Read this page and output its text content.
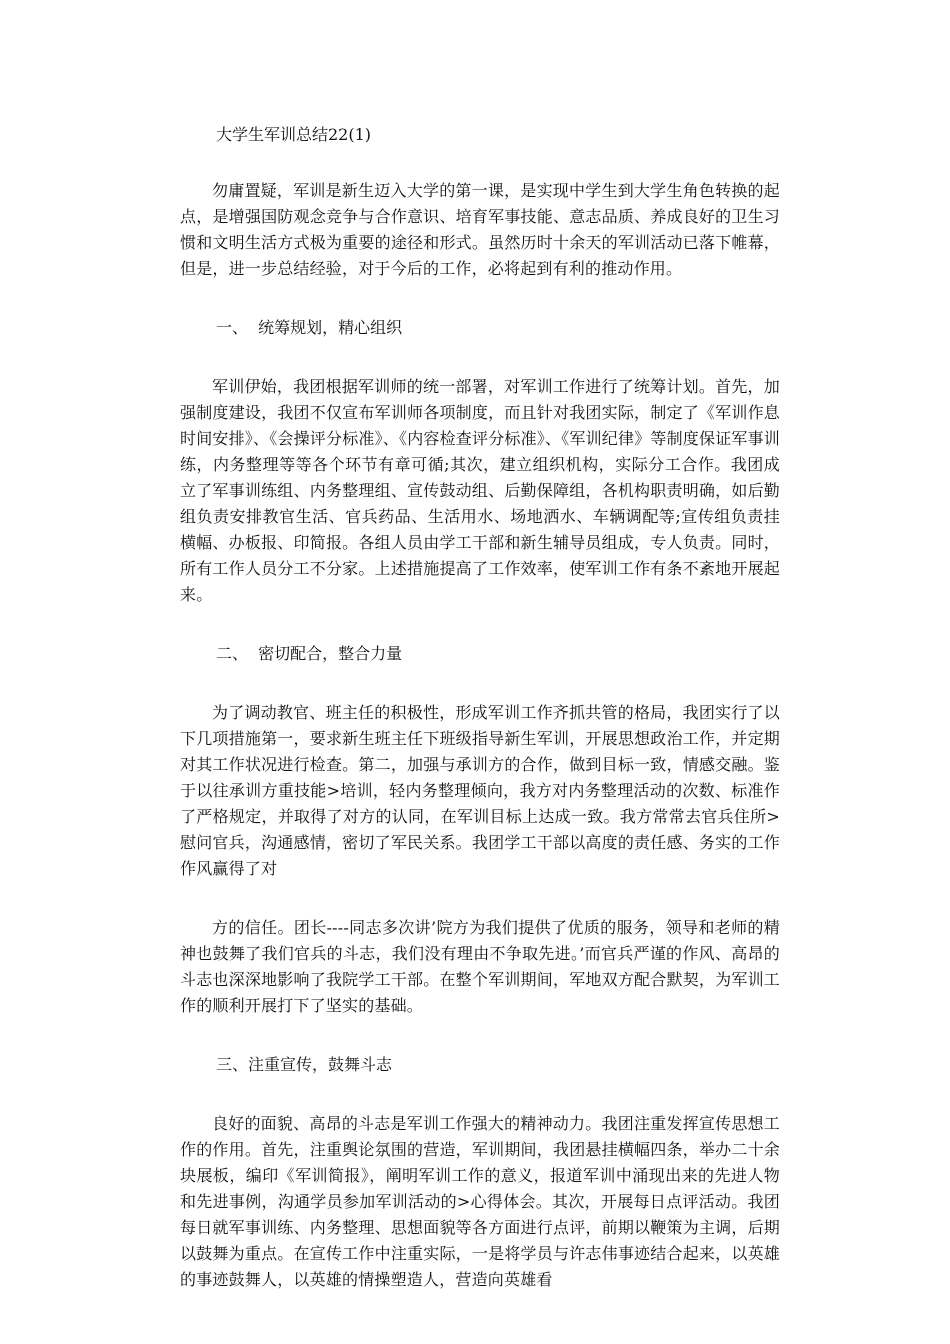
大学生军训总结22(1)

勿庸置疑，军训是新生迈入大学的第一课，是实现中学生到大学生角色转换的起点，是增强国防观念竞争与合作意识、培育军事技能、意志品质、养成良好的卫生习惯和文明生活方式极为重要的途径和形式。虽然历时十余天的军训活动已落下帷幕，但是，进一步总结经验，对于今后的工作，必将起到有利的推动作用。

一、  统筹规划，精心组织

军训伊始，我团根据军训师的统一部署，对军训工作进行了统筹计划。首先，加强制度建设，我团不仅宣布军训师各项制度，而且针对我团实际，制定了《军训作息时间安排》、《会操评分标准》、《内容检查评分标准》、《军训纪律》等制度保证军事训练，内务整理等等各个环节有章可循;其次，建立组织机构，实际分工合作。我团成立了军事训练组、内务整理组、宣传鼓动组、后勤保障组，各机构职责明确，如后勤组负责安排教官生活、官兵药品、生活用水、场地洒水、车辆调配等;宣传组负责挂横幅、办板报、印简报。各组人员由学工干部和新生辅导员组成，专人负责。同时，所有工作人员分工不分家。上述措施提高了工作效率，使军训工作有条不紊地开展起来。

二、  密切配合，整合力量

为了调动教官、班主任的积极性，形成军训工作齐抓共管的格局，我团实行了以下几项措施第一，要求新生班主任下班级指导新生军训，开展思想政治工作，并定期对其工作状况进行检查。第二，加强与承训方的合作，做到目标一致，情感交融。鉴于以往承训方重技能>培训，轻内务整理倾向，我方对内务整理活动的次数、标准作了严格规定，并取得了对方的认同，在军训目标上达成一致。我方常常去官兵住所>慰问官兵，沟通感情，密切了军民关系。我团学工干部以高度的责任感、务实的工作作风赢得了对

方的信任。团长----同志多次讲’院方为我们提供了优质的服务，领导和老师的精神也鼓舞了我们官兵的斗志，我们没有理由不争取先进。’而官兵严谨的作风、高昂的斗志也深深地影响了我院学工干部。在整个军训期间，军地双方配合默契，为军训工作的顺利开展打下了坚实的基础。

三、注重宣传，鼓舞斗志

良好的面貌、高昂的斗志是军训工作强大的精神动力。我团注重发挥宣传思想工作的作用。首先，注重舆论氛围的营造，军训期间，我团悬挂横幅四条，举办二十余块展板，编印《军训简报》，阐明军训工作的意义，报道军训中涌现出来的先进人物和先进事例，沟通学员参加军训活动的>心得体会。其次，开展每日点评活动。我团每日就军事训练、内务整理、思想面貌等各方面进行点评，前期以鞭策为主调，后期以鼓舞为重点。在宣传工作中注重实际，一是将学员与许志伟事迹结合起来，以英雄的事迹鼓舞人，以英雄的情操塑造人，营造向英雄看
